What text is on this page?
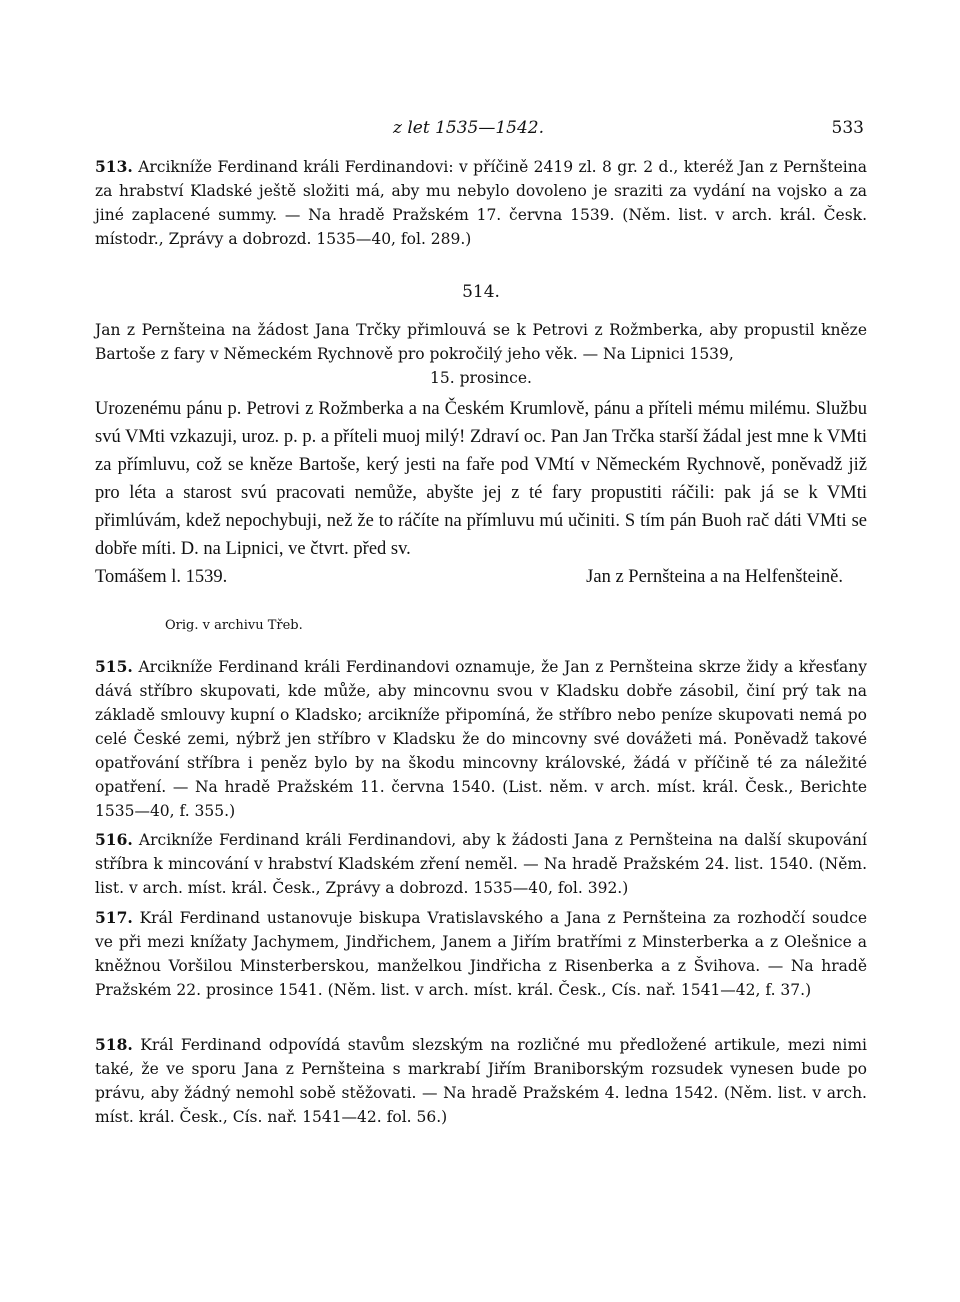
z let 1535—1542.	533
513. Arcikníže Ferdinand králi Ferdinandovi: v příčině 2419 zl. 8 gr. 2 d., kteréž Jan z Pernšteina za hrabství Kladské ještě složiti má, aby mu nebylo dovoleno je sraziti za vydání na vojsko a za jiné zaplacené summy. — Na hradě Pražském 17. června 1539. (Něm. list. v arch. král. Česk. místodr., Zprávy a dobrozd. 1535—40, fol. 289.)
514.
Jan z Pernšteina na žádost Jana Trčky přimlouvá se k Petrovi z Rožmberka, aby propustil kněze Bartoše z fary v Německém Rychnově pro pokročilý jeho věk. — Na Lipnici 1539,
15. prosince.
Urozenému pánu p. Petrovi z Rožmberka a na Českém Krumlově, pánu a příteli mému milému. Službu svú VMti vzkazuji, uroz. p. p. a příteli muoj milý! Zdraví oc. Pan Jan Trčka starší žádal jest mne k VMti za přímluvu, což se kněze Bartoše, kerý jesti na faře pod VMtí v Německém Rychnově, poněvadž již pro léta a starost svú pracovati nemůže, abyšte jej z té fary propustiti ráčili: pak já se k VMti přimlúvám, kdež nepochybuji, než že to ráčíte na přímluvu mú učiniti. S tím pán Buoh rač dáti VMti se dobře míti. D. na Lipnici, ve čtvrt. před sv.
Tomášem l. 1539.	Jan z Pernšteina a na Helfenšteině.
Orig. v archivu Třeb.
515. Arcikníže Ferdinand králi Ferdinandovi oznamuje, že Jan z Pernšteina skrze židy a křesťany dává stříbro skupovati, kde může, aby mincovnu svou v Kladsku dobře zásobil, činí prý tak na základě smlouvy kupní o Kladsko; arcikníže připomíná, že stříbro nebo peníze skupovati nemá po celé České zemi, nýbrž jen stříbro v Kladsku že do mincovny své dovážeti má. Poněvadž takové opatřování stříbra i peněz bylo by na škodu mincovny královské, žádá v příčině té za náležité opatření. — Na hradě Pražském 11. června 1540. (List. něm. v arch. míst. král. Česk., Berichte 1535—40, f. 355.)
516. Arcikníže Ferdinand králi Ferdinandovi, aby k žádosti Jana z Pernšteina na další skupování stříbra k mincování v hrabství Kladském zření neměl. — Na hradě Pražském 24. list. 1540. (Něm. list. v arch. míst. král. Česk., Zprávy a dobrozd. 1535—40, fol. 392.)
517. Král Ferdinand ustanovuje biskupa Vratislavského a Jana z Pernšteina za rozhodčí soudce ve při mezi knížaty Jachymem, Jindřichem, Janem a Jiřím bratřími z Minsterberka a z Olešnice a kněžnou Voršilou Minsterberskou, manželkou Jindřicha z Risenberka a z Švihova. — Na hradě Pražském 22. prosince 1541. (Něm. list. v arch. míst. král. Česk., Cís. nař. 1541—42, f. 37.)
518. Král Ferdinand odpovídá stavům slezským na rozličné mu předložené artikule, mezi nimi také, že ve sporu Jana z Pernšteina s markrabí Jiřím Braniborským rozsudek vynesen bude po právu, aby žádný nemohl sobě stěžovati. — Na hradě Pražském 4. ledna 1542. (Něm. list. v arch. míst. král. Česk., Cís. nař. 1541—42. fol. 56.)
